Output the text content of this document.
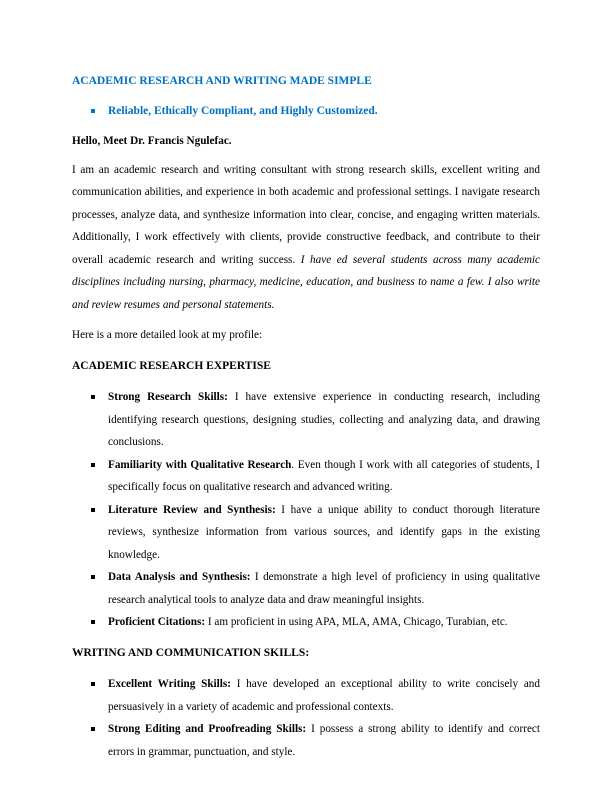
ACADEMIC RESEARCH AND WRITING MADE SIMPLE
Reliable, Ethically Compliant, and Highly Customized.
Hello, Meet Dr. Francis Ngulefac.

I am an academic research and writing consultant with strong research skills, excellent writing and communication abilities, and experience in both academic and professional settings. I navigate research processes, analyze data, and synthesize information into clear, concise, and engaging written materials. Additionally, I work effectively with clients, provide constructive feedback, and contribute to their overall academic research and writing success. I have ed several students across many academic disciplines including nursing, pharmacy, medicine, education, and business to name a few. I also write and review resumes and personal statements.

Here is a more detailed look at my profile:

ACADEMIC RESEARCH EXPERTISE
Strong Research Skills: I have extensive experience in conducting research, including identifying research questions, designing studies, collecting and analyzing data, and drawing conclusions.
Familiarity with Qualitative Research. Even though I work with all categories of students, I specifically focus on qualitative research and advanced writing.
Literature Review and Synthesis: I have a unique ability to conduct thorough literature reviews, synthesize information from various sources, and identify gaps in the existing knowledge.
Data Analysis and Synthesis: I demonstrate a high level of proficiency in using qualitative research analytical tools to analyze data and draw meaningful insights.
Proficient Citations: I am proficient in using APA, MLA, AMA, Chicago, Turabian, etc.
WRITING AND COMMUNICATION SKILLS:
Excellent Writing Skills: I have developed an exceptional ability to write concisely and persuasively in a variety of academic and professional contexts.
Strong Editing and Proofreading Skills: I possess a strong ability to identify and correct errors in grammar, punctuation, and style.
